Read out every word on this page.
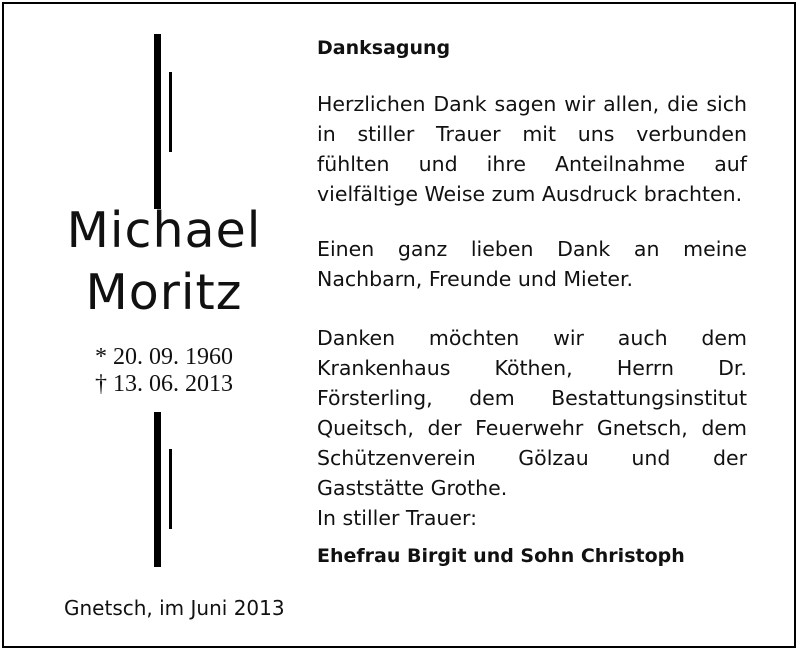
Michael
Moritz
* 20. 09. 1960
† 13. 06. 2013
Gnetsch, im Juni 2013
Danksagung
Herzlichen Dank sagen wir allen, die sich in stiller Trauer mit uns verbunden fühlten und ihre Anteilnahme auf vielfältige Weise zum Ausdruck brachten.
Einen ganz lieben Dank an meine Nachbarn, Freunde und Mieter.
Danken möchten wir auch dem Krankenhaus Köthen, Herrn Dr. Försterling, dem Bestattungsinstitut Queitsch, der Feuerwehr Gnetsch, dem Schützenverein Gölzau und der Gaststätte Grothe.
In stiller Trauer:
Ehefrau Birgit und Sohn Christoph
